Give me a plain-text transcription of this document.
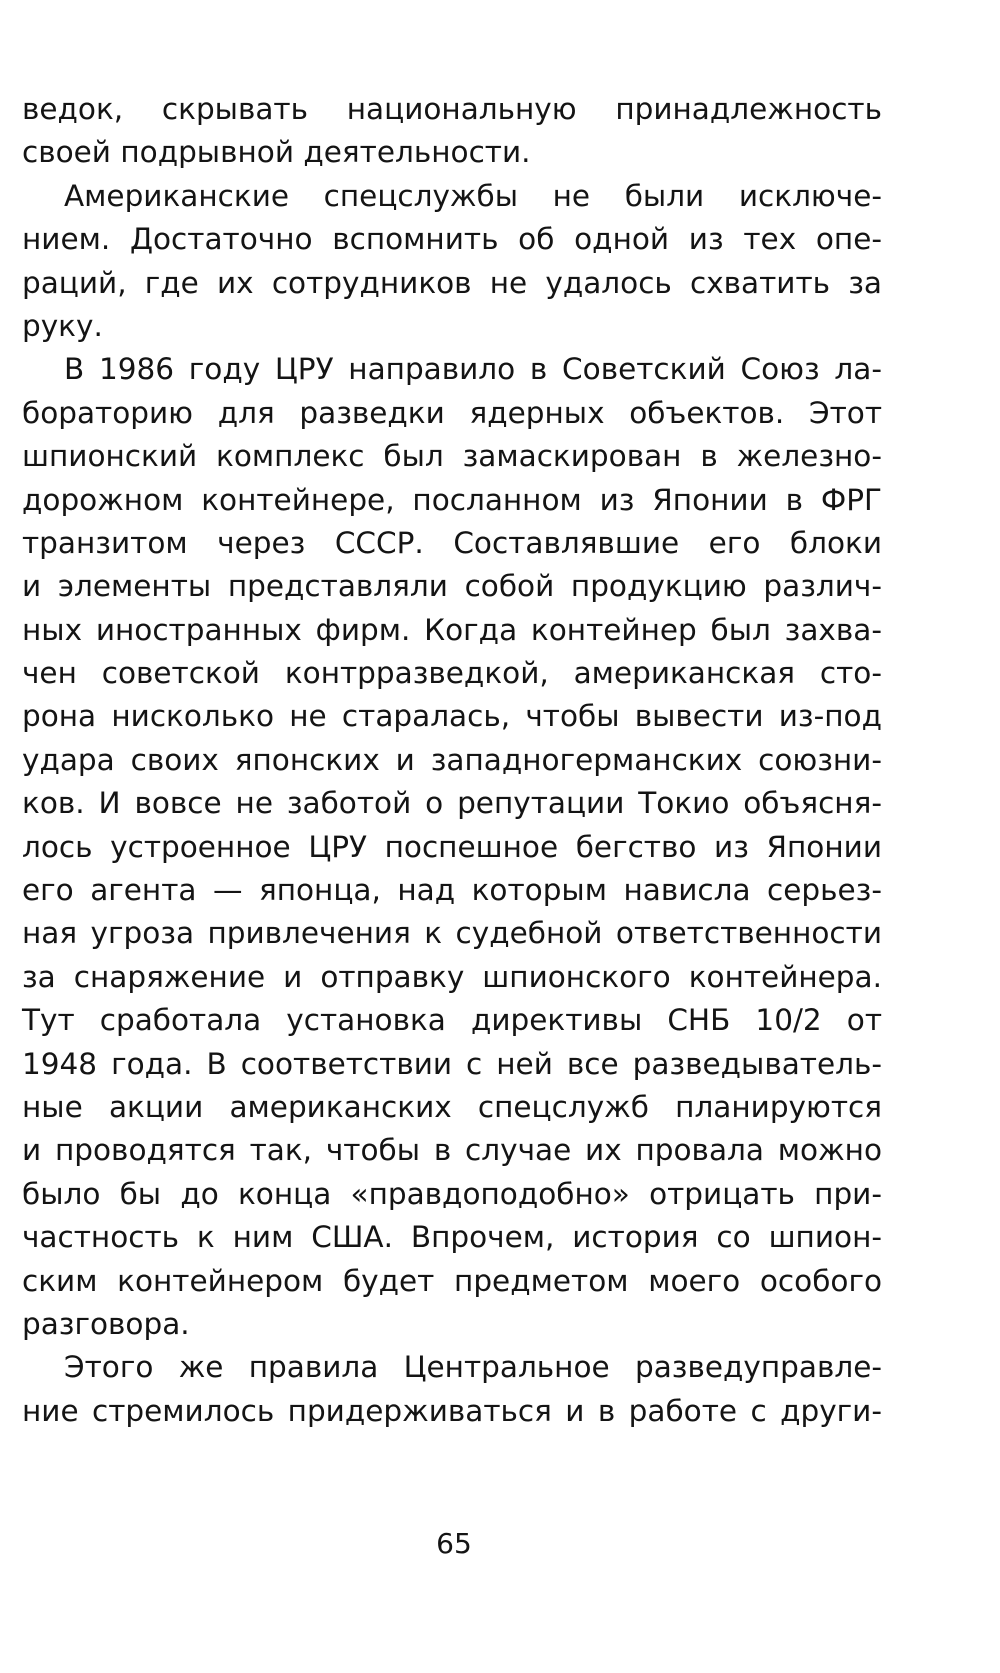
ведок, скрывать национальную принадлежность
своей подрывной деятельности.
Американские спецслужбы не были исключе-
нием. Достаточно вспомнить об одной из тех опе-
раций, где их сотрудников не удалось схватить за
руку.
В 1986 году ЦРУ направило в Советский Союз ла-
бораторию для разведки ядерных объектов. Этот
шпионский комплекс был замаскирован в железно-
дорожном контейнере, посланном из Японии в ФРГ
транзитом через СССР. Составлявшие его блоки
и элементы представляли собой продукцию различ-
ных иностранных фирм. Когда контейнер был захва-
чен советской контрразведкой, американская сто-
рона нисколько не старалась, чтобы вывести из-под
удара своих японских и западногерманских союзни-
ков. И вовсе не заботой о репутации Токио объясня-
лось устроенное ЦРУ поспешное бегство из Японии
его агента — японца, над которым нависла серьез-
ная угроза привлечения к судебной ответственности
за снаряжение и отправку шпионского контейнера.
Тут сработала установка директивы СНБ 10/2 от
1948 года. В соответствии с ней все разведыватель-
ные акции американских спецслужб планируются
и проводятся так, чтобы в случае их провала можно
было бы до конца «правдоподобно» отрицать при-
частность к ним США. Впрочем, история со шпион-
ским контейнером будет предметом моего особого
разговора.
Этого же правила Центральное разведуправле-
ние стремилось придерживаться и в работе с други-
65
